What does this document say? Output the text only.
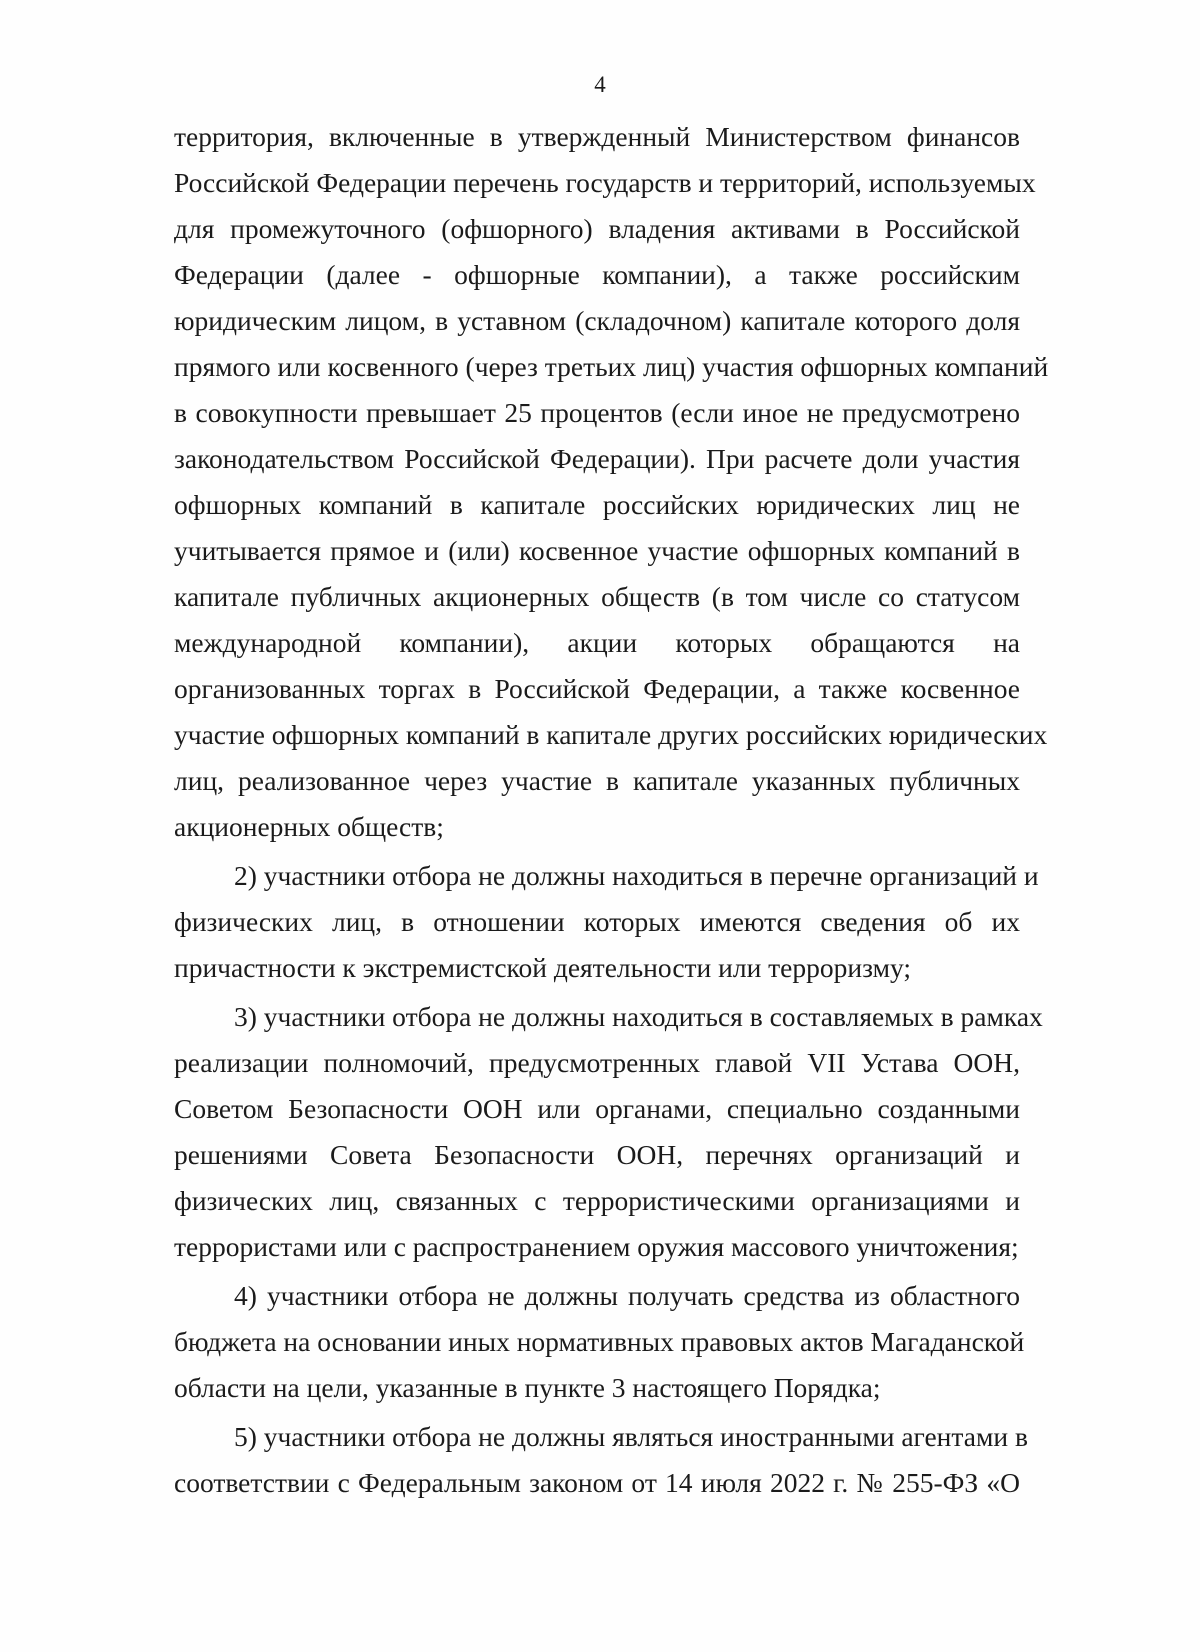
4

территория, включенные в утвержденный Министерством финансов
Российской Федерации перечень государств и территорий, используемых
для промежуточного (офшорного) владения активами в Российской
Федерации (далее - офшорные компании), а также российским
юридическим лицом, в уставном (складочном) капитале которого доля
прямого или косвенного (через третьих лиц) участия офшорных компаний
в совокупности превышает 25 процентов (если иное не предусмотрено
законодательством Российской Федерации). При расчете доли участия
офшорных компаний в капитале российских юридических лиц не
учитывается прямое и (или) косвенное участие офшорных компаний в
капитале публичных акционерных обществ (в том числе со статусом
международной компании), акции которых обращаются на
организованных торгах в Российской Федерации, а также косвенное
участие офшорных компаний в капитале других российских юридических
лиц, реализованное через участие в капитале указанных публичных
акционерных обществ;

2) участники отбора не должны находиться в перечне организаций и
физических лиц, в отношении которых имеются сведения об их
причастности к экстремистской деятельности или терроризму;

3) участники отбора не должны находиться в составляемых в рамках
реализации полномочий, предусмотренных главой VII Устава ООН,
Советом Безопасности ООН или органами, специально созданными
решениями Совета Безопасности ООН, перечнях организаций и
физических лиц, связанных с террористическими организациями и
террористами или с распространением оружия массового уничтожения;

4) участники отбора не должны получать средства из областного
бюджета на основании иных нормативных правовых актов Магаданской
области на цели, указанные в пункте 3 настоящего Порядка;

5) участники отбора не должны являться иностранными агентами в
соответствии с Федеральным законом от 14 июля 2022 г. № 255-ФЗ «О
